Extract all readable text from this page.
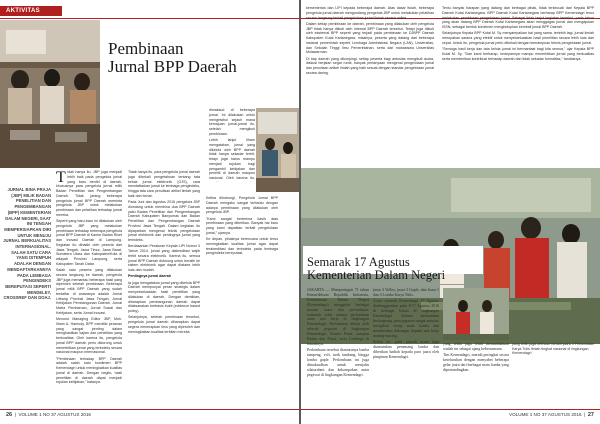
AKTIVITAS
Pembinaan
Jurnal BPP Daerah

dimaksud di beberapa jurnal. Ini dilakukan untuk mengetahui sejauh mana kemajuan jurnal-jurnal itu, setelah mengikuti pembinaan.

Lebih lanjut Ilham mengatakan, jurnal yang dikelola oleh BPP daerah tidak hanya sekadar terbit, tetapi juga harus mampu menjadi rujukan bagi pengambil kebijakan dan peneliti di daerah maupun nasional. Oleh karena itu,

JURNAL BINA PRAJA (JBP) MILIK BADAN PENELITIAN DAN PENGEMBANGAN (BPP) KEMENTERIAN DALAM NEGERI, SAAT INI TENGAH MEMPERSIAPKAN DIRI UNTUK MENUJU JURNAL BERKUALITAS INTERNASIONAL. SALAH SATU CARA YANG DITEMPUH ADALAH DENGAN MENDAFTARKANNYA PADA LEMBAGA PENGINDEKS BEREPUTASI SEPERTI MENDELEY, CROSSREF DAN DOAJ.

Tidak hanya itu, JBP juga menjadi lebih baik pada pengelola jurnal yang baru berdiri di daerah, khususnya para pengelola jurnal milik Badan Penelitian dan Pengembangan Daerah. Tidak jarang beberapa pengelola jurnal BPP Daerah meminta pengelola JBP untuk melakukan pembinaan dan pelatihan terhadap jurnal mereka.

Seperti yang baru-baru ini dilakukan oleh pengelola JBP yang melakukan pembinaan terhadap beberapa pengelola jurnal BPP Daerah di Kantor Badan Riset dan Inovasi Daerah di Lampung. Kegiatan itu dihadiri oleh peserta dari Jawa Tengah, Jawa Timur, Jawa Barat, Sumatera Utara dan Kabupaten/Kota di wilayah Provinsi Lampung, serta Kabupaten Tanah Datar.

Salah satu peserta yang dilakukan secara langsung ke daerah, pengelola JBP juga memantau beberapa hasil yang diperoleh setelah pembinaan. Beberapa jurnal milik BPP Daerah yang sudah terdaftar di antaranya adalah Jurnal Litbang Provinsi Jawa Tengah, Jurnal Kebijakan Pembangunan Daerah, Jurnal Matra Pembaruan, Jurnal Sosial dan Kebijakan, serta Jurnal Inovasi.

Menurut Managing Editor JBP, Moh. Ilham A. Hamudy, BPP memiliki peranan yang sangat penting dalam menghasilkan kajian dan penelitian yang berkualitas. Oleh karena itu, pengelola jurnal BPP daerah perlu didorong untuk menerbitkan jurnal yang terindeks secara nasional maupun internasional.

"Pembinaan terhadap BPP Daerah adalah salah satu komitmen BPP Kemendagri untuk meningkatkan kualitas jurnal di daerah. Dengan begitu, hasil penelitian di daerah dapat menjadi rujukan kebijakan," katanya.

Tidak hanya itu, para pengelola jurnal daerah juga dibekali pengetahuan tentang tata kelola jurnal elektronik (OJS), cara mendaftarkan jurnal ke lembaga pengindeks, hingga tata cara penulisan artikel ilmiah yang baik dan benar.

Pada Juni dan Agustus 2016 pengelola JBP diundang untuk membina dua BPP Daerah yaitu Badan Penelitian dan Pengembangan Daerah Kabupaten Banyumas dan Badan Penelitian dan Pengembangan Daerah Provinsi Jawa Tengah. Dalam kegiatan itu dipaparkan mengenai teknik pengelolaan jurnal elektronik dan pentingnya jurnal yang terindeks.

Berdasarkan Peraturan Kepala LIPI Nomor 3 Tahun 2014, jurnal yang diakreditasi wajib terbit secara elektronik. Karena itu, semua jurnal BPP Daerah didorong untuk beralih ke sistem elektronik agar dapat diakses lebih luas dan mudah.

Pentingnya jurnal daerah

Ia juga mengatakan jurnal yang dikelola BPP Daerah mempunyai peran strategis dalam menyebarluaskan hasil penelitian yang dilakukan di daerah. Dengan demikian, diharapkan pembangunan daerah dapat dilaksanakan berbasis bukti (evidence based policy).

Selanjutnya, setelah pembinaan tersebut, pengelola jurnal daerah diharapkan dapat segera menerapkan ilmu yang diperoleh dan meningkatkan kualitas terbitan mereka.

Ketika dihubungi, Pengelola Jurnal BPP Daerah mengaku sangat terbantu dengan adanya pembinaan yang dilakukan oleh pengelola JBP.

"Kami sangat berterima kasih atas pembinaan yang diberikan. Banyak hal baru yang kami dapatkan terkait pengelolaan jurnal," ujarnya.

Ke depan, pihaknya berencana untuk terus meningkatkan kualitas jurnal agar dapat terakreditasi dan terindeks pada lembaga pengindeks bereputasi.

26  |  VOLUME 1 NO 37 AGUSTUS 2016

kementerian dan LIPI kepada beberapa daerah. Atas dasar itulah, beberapa pengelola jurnal daerah mengundang pengelola JBP untuk melakukan pelatihan secara langsung terkait pengelolaan jurnal ilmiah secara online.

Dalam setiap pembinaan ke daerah, pembinaan yang dilakukan oleh pengelola JBP tidak hanya diikuti oleh internal BPP Daerah tersebut. Tetapi juga diikuti oleh eksternal BPP seperti yang terjadi pada pembinaan ke DJBPP Daerah Kabupaten Kutai Kartanegara, misalnya, peserta yang datang dari beberapa instansi pemerintah seperti Lembaga Administrasi Negara (LAN), Universitas, dan Sekolah Tinggi Ilmu Pemerintahan, serta dari mahasiswa Universitas Mulawarman.

Di tiap daerah yang dikunjungi, setiap peserta bagi antusias mengikuti acara, diskusi berjalan segar rumit, banyak pertanyaan mengenai pengelolaan jurnal dan penulisan artikel ilmiah yang baik sesuai dengan standar pengelolaan jurnal secara daring.

Tentu banyak harapan yang datang dari berbagai pihak, tidak terkecuali dari Kepala BPP Daerah Kutai Kartanegara. BPP Daerah Kutai Kartanegara berharap BPP Kemendagri terus melakukan pembinaan pengelolaan jurnal. Sebagai tidak lanjut kegiatan tersebut, pada tahun yang akan datang BPP Daerah Kutai Kartanegara akan menggagas jurnal dan mengajukan ISSN, sebagai bentuk komitmen menghidupkan kembali jurnal BPP Daerah.

Selanjutnya Kepala BPP Kutai M. Sy menyampaikan hal yang sama, terlebih lagi, jurnal ilmiah merupakan sarana yang efektif untuk menyebarluaskan hasil penelitian secara lebih luas dan cepat. Untuk itu, pengelola jurnal perlu dibekali dengan kemampuan teknis pengelolaan jurnal.

"Semoga hasil kerja dan tata kelola jurnal ini bermanfaat bagi kita semua," ujar Kepala BPP Kutai M. Sy, "Dan kami berharap, kedepannya mampu menerbitkan jurnal yang berkualitas serta memberikan kontribusi terhadap daerah dan tidak sekadar formalitas," tandasnya.

Semarak 17 Agustus
Kementerian Dalam Negeri

JAKARTA — Memperingati 71 tahun Kemerdekaan Republik Indonesia, Kementerian Dalam Negeri (Kemendagri) menggelar berbagai macam acara dan perlombaan, termasuk salah satunya perlombaan antar unit kerja di lingkungan Kemendagri. Perlombaan diikuti oleh seluruh pegawai di lingkungan Kemendagri, Kantor Pusat, maupun Badan dan Pusat, serta Lembaga di bawahnya.

Perlombaan tersebut diantaranya lomba tumpeng, voli, tarik tambang, hingga lomba gaple. Perlombaan ini juga dimaksudkan untuk menjalin silaturahmi dan kekompakan antar pegawai di lingkungan Kemendagri.

juara 3 Volley, juara 3 Gaple, dan Juara 1 dan 3 Lomba Karya Tulis.

Acara semarak Kemendagri 17 Agustus diselenggarakan pada 8-17 Agustus 2016 di berbagai lokasi di lingkungan Kemendagri. Selama perlombaan berlangsung, para pegawai sangat antusias mengikuti setiap mata lomba dan memberikan dukungan kepada unit kerja masing-masing.

Selain itu, pada puncak acara juga diumumkan pemenang lomba dan diberikan hadiah kepada para juara oleh pimpinan Kemendagri.

yang lebih juga telah memanfaatkan wadah ini sebagai ajang kebersamaan.

Tim Kemendagri, meraih peringkat secara keseluruhan dengan menyabet beberapa gelar juara dari berbagai mata lomba yang dipertandingkan.

yang lebih juga berhasil meraih juara II Perlombaan Karya Tulis Ilmiah tingkat nasional di lingkungan Kemendagri.
VOLUME 1 NO 37 AGUSTUS 2016  |  27
